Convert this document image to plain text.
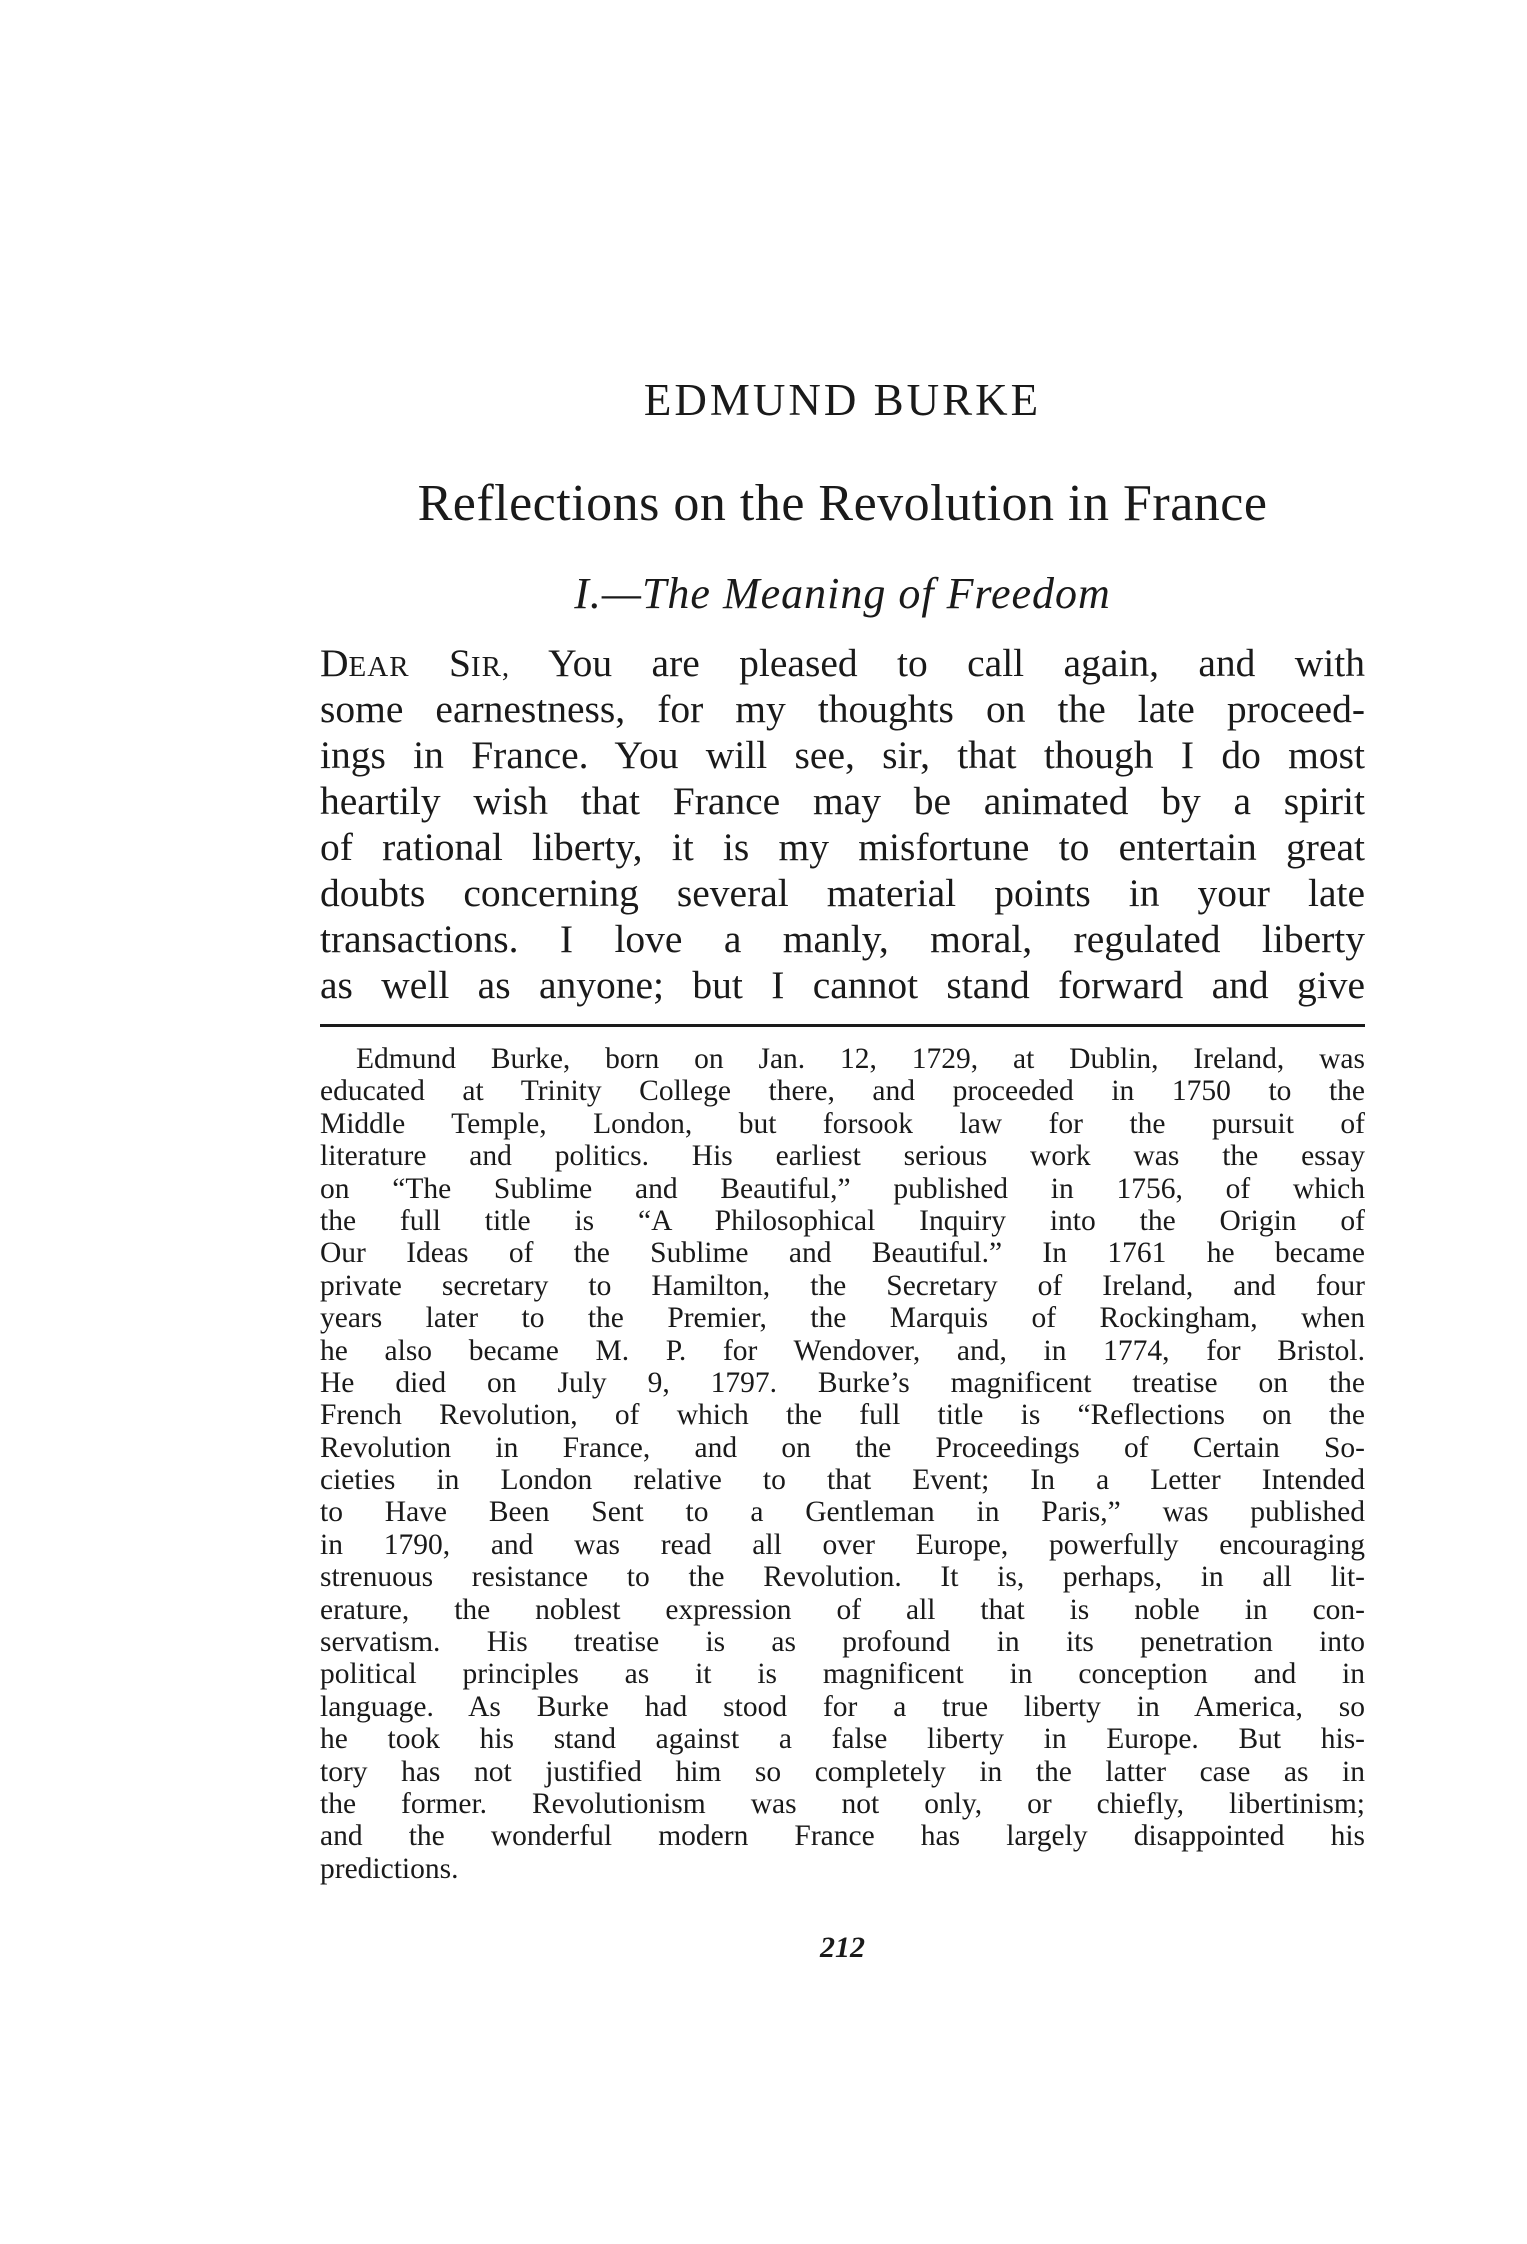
EDMUND BURKE
Reflections on the Revolution in France
I.—The Meaning of Freedom
DEAR SIR, You are pleased to call again, and with
some earnestness, for my thoughts on the late proceed-
ings in France. You will see, sir, that though I do most
heartily wish that France may be animated by a spirit
of rational liberty, it is my misfortune to entertain great
doubts concerning several material points in your late
transactions. I love a manly, moral, regulated liberty
as well as anyone; but I cannot stand forward and give
Edmund Burke, born on Jan. 12, 1729, at Dublin, Ireland, was
educated at Trinity College there, and proceeded in 1750 to the
Middle Temple, London, but forsook law for the pursuit of
literature and politics. His earliest serious work was the essay
on “The Sublime and Beautiful,” published in 1756, of which
the full title is “A Philosophical Inquiry into the Origin of
Our Ideas of the Sublime and Beautiful.” In 1761 he became
private secretary to Hamilton, the Secretary of Ireland, and four
years later to the Premier, the Marquis of Rockingham, when
he also became M. P. for Wendover, and, in 1774, for Bristol.
He died on July 9, 1797. Burke’s magnificent treatise on the
French Revolution, of which the full title is “Reflections on the
Revolution in France, and on the Proceedings of Certain So-
cieties in London relative to that Event; In a Letter Intended
to Have Been Sent to a Gentleman in Paris,” was published
in 1790, and was read all over Europe, powerfully encouraging
strenuous resistance to the Revolution. It is, perhaps, in all lit-
erature, the noblest expression of all that is noble in con-
servatism. His treatise is as profound in its penetration into
political principles as it is magnificent in conception and in
language. As Burke had stood for a true liberty in America, so
he took his stand against a false liberty in Europe. But his-
tory has not justified him so completely in the latter case as in
the former. Revolutionism was not only, or chiefly, libertinism;
and the wonderful modern France has largely disappointed his
predictions.
212
